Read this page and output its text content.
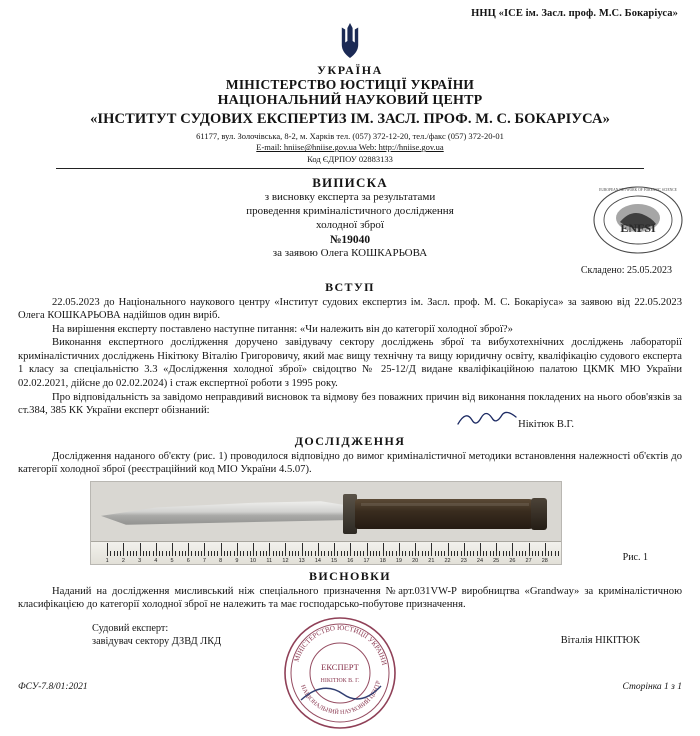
ННЦ «ІСЕ ім. Засл. проф. М.С. Бокаріуса»
УКРАЇНА
МІНІСТЕРСТВО ЮСТИЦІЇ УКРАЇНИ
НАЦІОНАЛЬНИЙ НАУКОВИЙ ЦЕНТР
«ІНСТИТУТ СУДОВИХ ЕКСПЕРТИЗ ІМ. ЗАСЛ. ПРОФ. М. С. БОКАРІУСА»
61177, вул. Золочівська, 8-2, м. Харків тел. (057) 372-12-20, тел./факс (057) 372-20-01
E-mail: hniise@hniise.gov.ua Web: http://hniise.gov.ua
Код ЄДРПОУ 02883133
ВИПИСКА
з висновку експерта за результатами
проведення криміналістичного дослідження
холодної зброї
№19040
за заявою Олега КОШКАРЬОВА
ENFSI
EUROPEAN NETWORK OF FORENSIC SCIENCE
Складено: 25.05.2023
ВСТУП

22.05.2023 до Національного наукового центру «Інститут судових експертиз ім. Засл. проф. М. С. Бокаріуса» за заявою від 22.05.2023 Олега КОШКАРЬОВА надійшов один виріб.

На вирішення експерту поставлено наступне питання: «Чи належить він до категорії холодної зброї?»

Виконання експертного дослідження доручено завідувачу сектору досліджень зброї та вибухотехнічних досліджень лабораторії криміналістичних досліджень Нікітюку Віталію Григоровичу, який має вищу технічну та вищу юридичну освіту, кваліфікацію судового експерта 1 класу за спеціальністю 3.3 «Дослідження холодної зброї» свідоцтво № 25-12/Д видане кваліфікаційною палатою ЦКМК МЮ України 02.02.2021, дійсне до 02.02.2024) і стаж експертної роботи з 1995 року.

Про відповідальність за завідомо неправдивий висновок та відмову без поважних причин від виконання покладених на нього обов'язків за ст.384, 385 КК України експерт обізнаний:

Нікітюк В.Г.
ДОСЛІДЖЕННЯ

Дослідження наданого об'єкту (рис. 1) проводилося відповідно до вимог криміналістичної методики встановлення належності об'єктів до категорії холодної зброї (реєстраційний код МІО України 4.5.07).

1 2 3 4 5 6 7 8 9 10 11 12 13 14 15 16 17 18 19 20 21 22 23 24 25 26 27 28	Рис. 1
ВИСНОВКИ

Наданий на дослідження мисливський ніж спеціального призначення №арт.031VW-P виробництва «Grandway» за криміналістичною класифікацією до категорії холодної зброї не належить та має господарсько-побутове призначення.

Судовий експерт:
завідувач сектору ДЗВД ЛКД
МІНІСТЕРСТВО ЮСТИЦІЇ УКРАЇНИ
НАЦІОНАЛЬНИЙ НАУКОВИЙ ЦЕНТР
ЕКСПЕРТ
НІКІТЮК В. Г.
Віталія НІКІТЮК
ФСУ-7.8/01:2021	Сторінка 1 з 1
